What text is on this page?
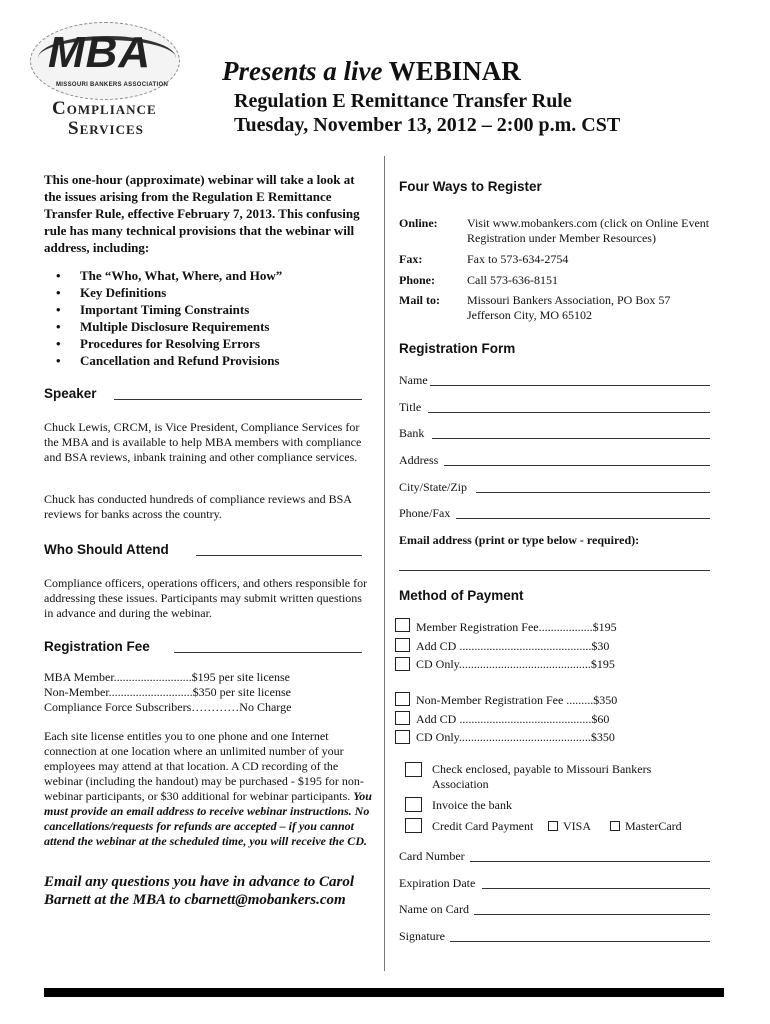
MBA
MISSOURI BANKERS ASSOCIATION
Compliance
Services
Presents a live WEBINAR
Regulation E Remittance Transfer Rule
Tuesday, November 13, 2012 – 2:00 p.m. CST
This one-hour (approximate) webinar will take a look at the issues arising from the Regulation E Remittance Transfer Rule, effective February 7, 2013. This confusing rule has many technical provisions that the webinar will address, including:
• The “Who, What, Where, and How”
• Key Definitions
• Important Timing Constraints
• Multiple Disclosure Requirements
• Procedures for Resolving Errors
• Cancellation and Refund Provisions
Speaker
Chuck Lewis, CRCM, is Vice President, Compliance Services for the MBA and is available to help MBA members with compliance and BSA reviews, inbank training and other compliance services.
Chuck has conducted hundreds of compliance reviews and BSA reviews for banks across the country.
Who Should Attend
Compliance officers, operations officers, and others responsible for addressing these issues. Participants may submit written questions in advance and during the webinar.
Registration Fee
MBA Member..........................$195 per site license
Non-Member............................$350 per site license
Compliance Force Subscribers…………No Charge
Each site license entitles you to one phone and one Internet connection at one location where an unlimited number of your employees may attend at that location. A CD recording of the webinar (including the handout) may be purchased - $195 for non-webinar participants, or $30 additional for webinar participants. You must provide an email address to receive webinar instructions. No cancellations/requests for refunds are accepted – if you cannot attend the webinar at the scheduled time, you will receive the CD.
Email any questions you have in advance to Carol Barnett at the MBA to cbarnett@mobankers.com
Four Ways to Register
Online: Visit www.mobankers.com (click on Online Event Registration under Member Resources)
Fax:	Fax to 573-634-2754
Phone:	Call 573-636-8151
Mail to: Missouri Bankers Association, PO Box 57 Jefferson City, MO 65102
Registration Form
Name
Title
Bank
Address
City/State/Zip
Phone/Fax
Email address (print or type below - required):
Method of Payment
Member Registration Fee..................$195
Add CD ............................................$30
CD Only............................................$195
Non-Member Registration Fee .........$350
Add CD ............................................$60
CD Only............................................$350
Check enclosed, payable to Missouri Bankers Association
Invoice the bank
Credit Card Payment VISA	MasterCard
Card Number
Expiration Date
Name on Card
Signature
